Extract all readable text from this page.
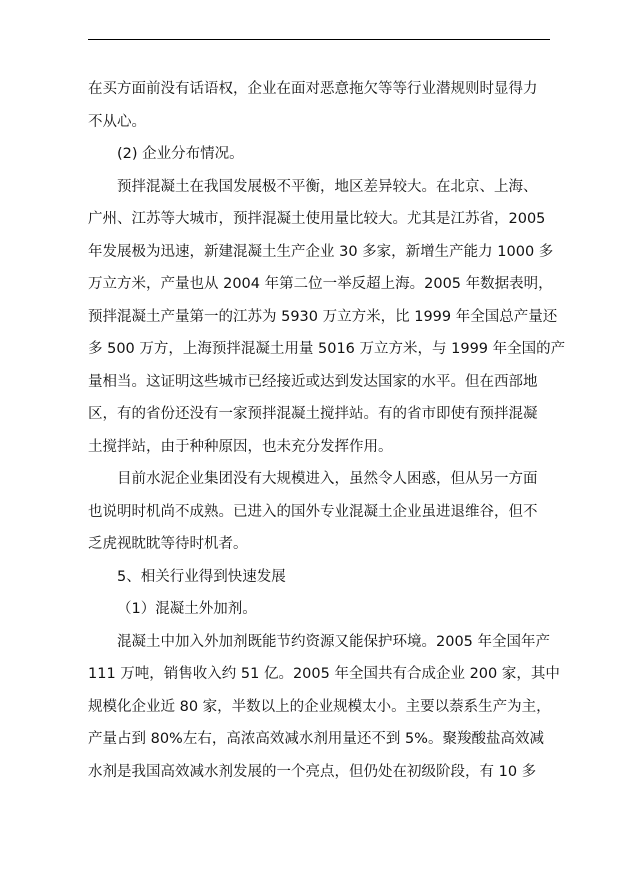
在买方面前没有话语权，企业在面对恶意拖欠等等行业潜规则时显得力
不从心。
(2) 企业分布情况。
预拌混凝土在我国发展极不平衡，地区差异较大。在北京、上海、
广州、江苏等大城市，预拌混凝土使用量比较大。尤其是江苏省，2005
年发展极为迅速，新建混凝土生产企业 30 多家，新增生产能力 1000 多
万立方米，产量也从 2004 年第二位一举反超上海。2005 年数据表明，
预拌混凝土产量第一的江苏为 5930 万立方米，比 1999 年全国总产量还
多 500 万方，上海预拌混凝土用量 5016 万立方米，与 1999 年全国的产
量相当。这证明这些城市已经接近或达到发达国家的水平。但在西部地
区，有的省份还没有一家预拌混凝土搅拌站。有的省市即使有预拌混凝
土搅拌站，由于种种原因，也未充分发挥作用。
目前水泥企业集团没有大规模进入，虽然令人困惑，但从另一方面
也说明时机尚不成熟。已进入的国外专业混凝土企业虽进退维谷，但不
乏虎视眈眈等待时机者。
5、相关行业得到快速发展
（1）混凝土外加剂。
混凝土中加入外加剂既能节约资源又能保护环境。2005 年全国年产
111 万吨，销售收入约 51 亿。2005 年全国共有合成企业 200 家，其中
规模化企业近 80 家，半数以上的企业规模太小。主要以萘系生产为主，
产量占到 80%左右，高浓高效减水剂用量还不到 5%。聚羧酸盐高效减
水剂是我国高效减水剂发展的一个亮点，但仍处在初级阶段，有 10 多
